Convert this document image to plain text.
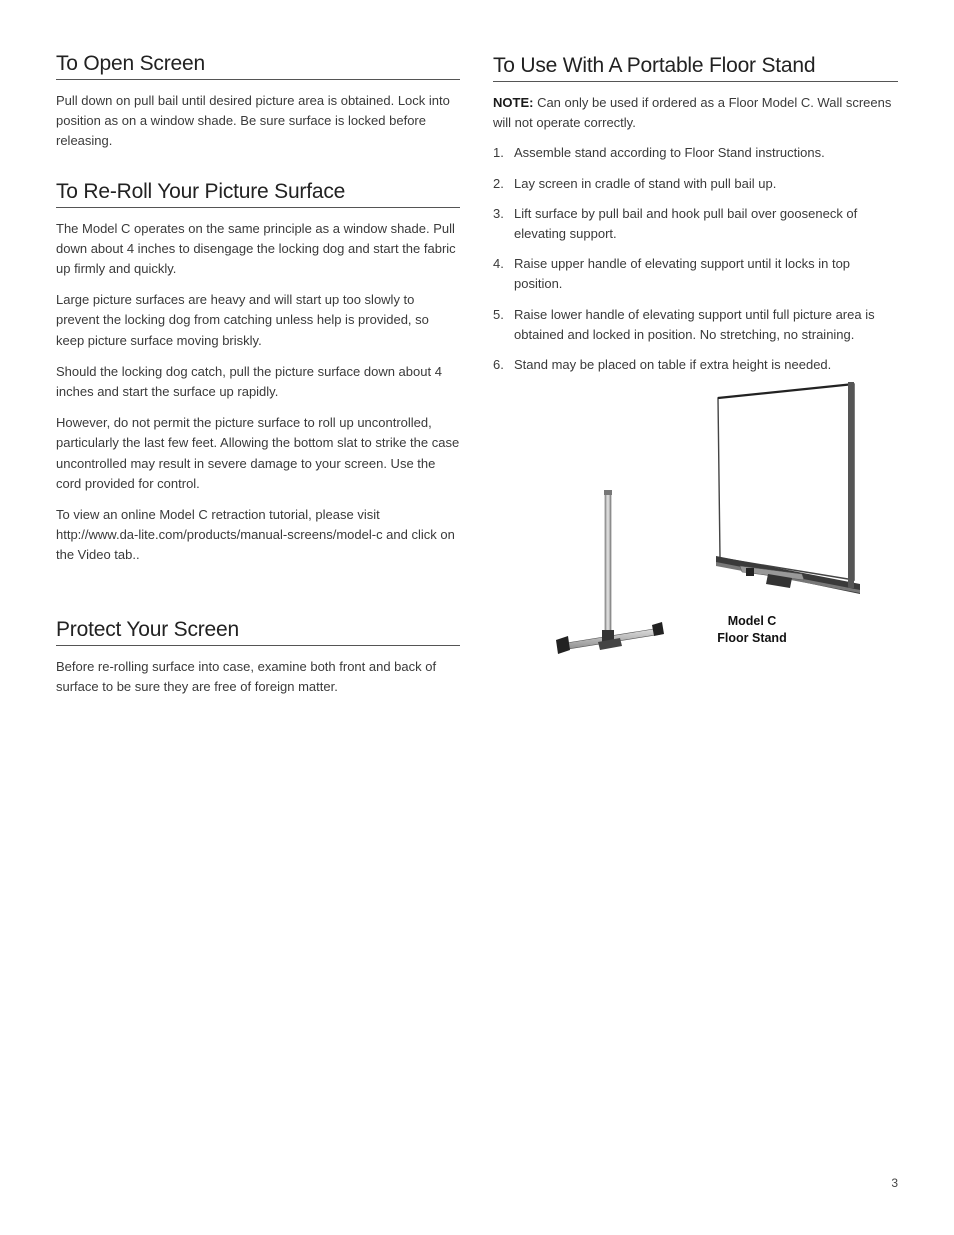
To Open Screen

Pull down on pull bail until desired picture area is obtained. Lock into position as on a window shade. Be sure surface is locked before releasing.

To Re-Roll Your Picture Surface

The Model C operates on the same principle as a window shade. Pull down about 4 inches to disengage the locking dog and start the fabric up firmly and quickly.

Large picture surfaces are heavy and will start up too slowly to prevent the locking dog from catching unless help is provided, so keep picture surface moving briskly.

Should the locking dog catch, pull the picture surface down about 4 inches and start the surface up rapidly.

However, do not permit the picture surface to roll up uncontrolled, particularly the last few feet. Allowing the bottom slat to strike the case uncontrolled may result in severe damage to your screen. Use the cord provided for control.

To view an online Model C retraction tutorial, please visit http://www.da-lite.com/products/manual-screens/model-c and click on the Video tab..

Protect Your Screen

Before re-rolling surface into case, examine both front and back of surface to be sure they are free of foreign matter.

To Use With A Portable Floor Stand

NOTE: Can only be used if ordered as a Floor Model C. Wall screens will not operate correctly.

1. Assemble stand according to Floor Stand instructions.
2. Lay screen in cradle of stand with pull bail up.
3. Lift surface by pull bail and hook pull bail over gooseneck of elevating support.
4. Raise upper handle of elevating support until it locks in top position.
5. Raise lower handle of elevating support until full picture area is obtained and locked in position. No stretching, no straining.
6. Stand may be placed on table if extra height is needed.
Model C
Floor Stand
3
